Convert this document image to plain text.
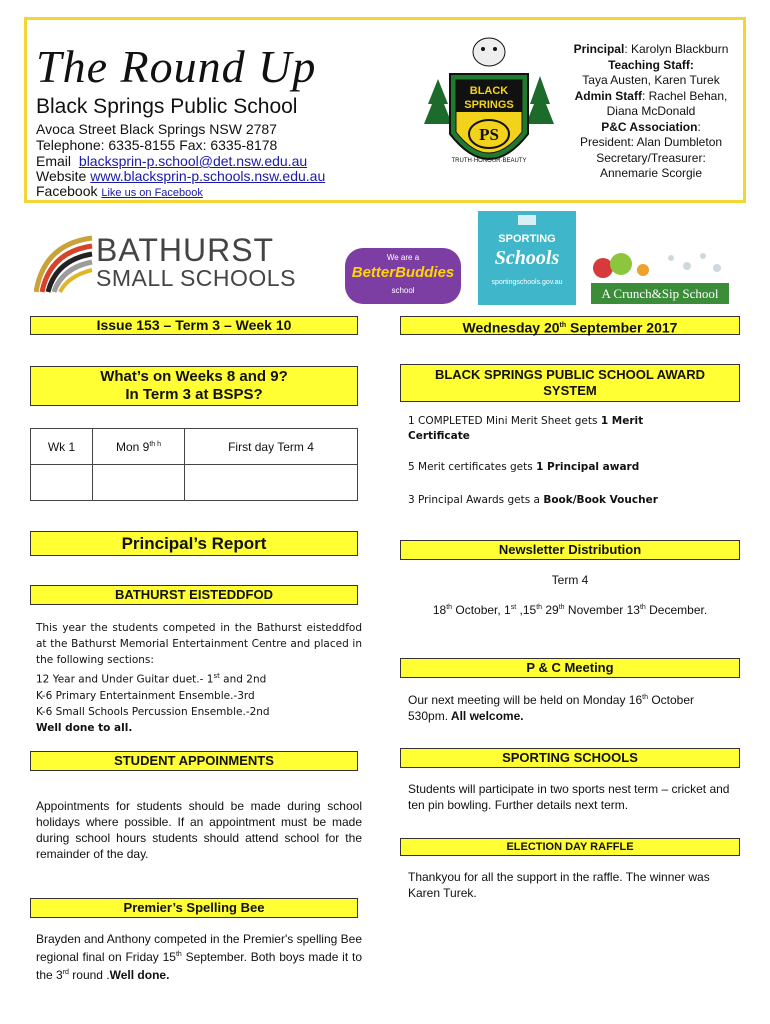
The Round Up
Black Springs Public School
Avoca Street Black Springs NSW 2787
Telephone: 6335-8155 Fax: 6335-8178
Email blacksprin-p.school@det.nsw.edu.au
Website www.blacksprin-p.schools.nsw.edu.au
Facebook Like us on Facebook
BLACK
SPRINGS
PS
TRUTH·HONOUR·BEAUTY
Principal: Karolyn Blackburn
Teaching Staff:
Taya Austen, Karen Turek
Admin Staff: Rachel Behan, Diana McDonald
P&C Association:
President: Alan Dumbleton
Secretary/Treasurer:
Annemarie Scorgie
BATHURST
SMALL SCHOOLS
We are a
BetterBuddies
school
SPORTING
Schools
sportingschools.gov.au
A Crunch&Sip School
Issue 153 – Term 3 – Week 10	Wednesday 20th September 2017
What’s on Weeks 8 and 9?
In Term 3 at BSPS?
Wk 1	Mon $9^{th h}$	First day Term 4

BLACK SPRINGS PUBLIC SCHOOL AWARD
SYSTEM
1 COMPLETED Mini Merit Sheet gets 1 Merit
Certificate
5 Merit certificates gets 1 Principal award
3 Principal Awards gets a Book/Book Voucher
Principal’s Report	Newsletter Distribution
Term 4
18th October, 1st ,15th 29th November 13th December.
BATHURST EISTEDDFOD
This year the students competed in the Bathurst eisteddfod at the Bathurst Memorial Entertainment Centre and placed in the following sections:
12 Year and Under Guitar duet.- 1st and 2nd
K-6 Primary Entertainment Ensemble.-3rd
K-6 Small Schools Percussion Ensemble.-2nd
Well done to all.
P & C Meeting
Our next meeting will be held on Monday 16th October
530pm. All welcome.
STUDENT APPOINMENTS
Appointments for students should be made during school holidays where possible. If an appointment must be made during school hours students should attend school for the remainder of the day.
SPORTING SCHOOLS
Students will participate in two sports nest term – cricket and ten pin bowling. Further details next term.
ELECTION DAY RAFFLE
Thankyou for all the support in the raffle. The winner was Karen Turek.
Premier’s Spelling Bee
Brayden and Anthony competed in the Premier's spelling Bee regional final on Friday 15th September. Both boys made it to the 3rd round .Well done.
